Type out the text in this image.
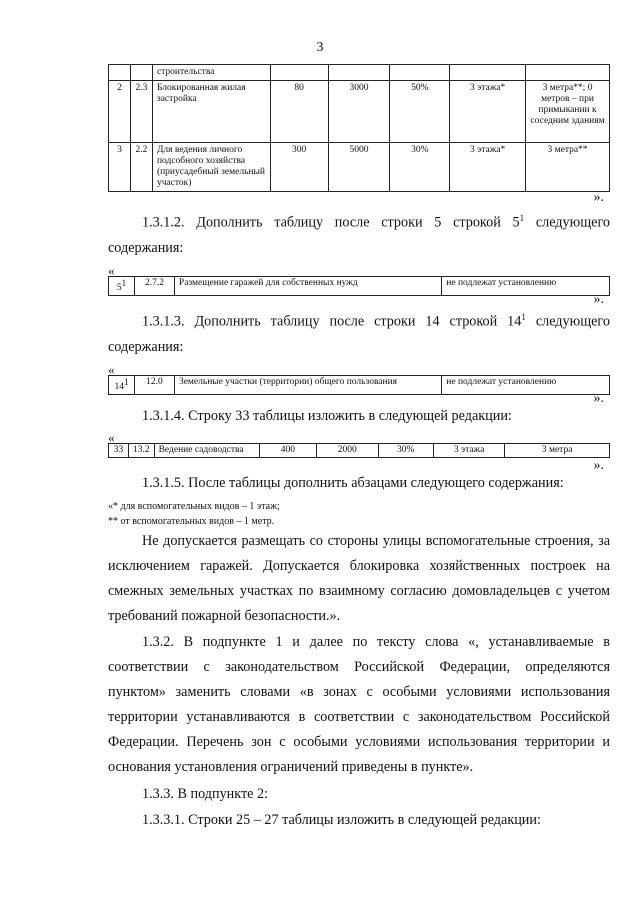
3
		строительства					
2	2.3	Блокированная жилая застройка	80	3000	50%	3 этажа*	3 метра**; 0 метров – при примыкании к соседним зданиям
3	2.2	Для ведения личного подсобного хозяйства (приусадебный земельный участок)	300	5000	30%	3 этажа*	3 метра**
».
1.3.1.2. Дополнить таблицу после строки 5 строкой $5^1$ следующего
содержания:
«
$5^1$	2.7.2	Размещение гаражей для собственных нужд	не подлежат установлению
».
1.3.1.3. Дополнить таблицу после строки 14 строкой $14^1$ следующего
содержания:
«
$14^1$	12.0	Земельные участки (территории) общего пользования	не подлежат установлению
».
1.3.1.4. Строку 33 таблицы изложить в следующей редакции:
«
33	13.2	Ведение садоводства	400	2000	30%	3 этажа	3 метра
».
1.3.1.5. После таблицы дополнить абзацами следующего содержания:
«* для вспомогательных видов – 1 этаж;
** от вспомогательных видов – 1 метр.
Не допускается размещать со стороны улицы вспомогательные строения, за исключением гаражей. Допускается блокировка хозяйственных построек на смежных земельных участках по взаимному согласию домовладельцев с учетом требований пожарной безопасности.».
1.3.2. В подпункте 1 и далее по тексту слова «, устанавливаемые в соответствии с законодательством Российской Федерации, определяются пунктом» заменить словами «в зонах с особыми условиями использования территории устанавливаются в соответствии с законодательством Российской Федерации. Перечень зон с особыми условиями использования территории и основания установления ограничений приведены в пункте».
1.3.3. В подпункте 2:
1.3.3.1. Строки 25 – 27 таблицы изложить в следующей редакции:
